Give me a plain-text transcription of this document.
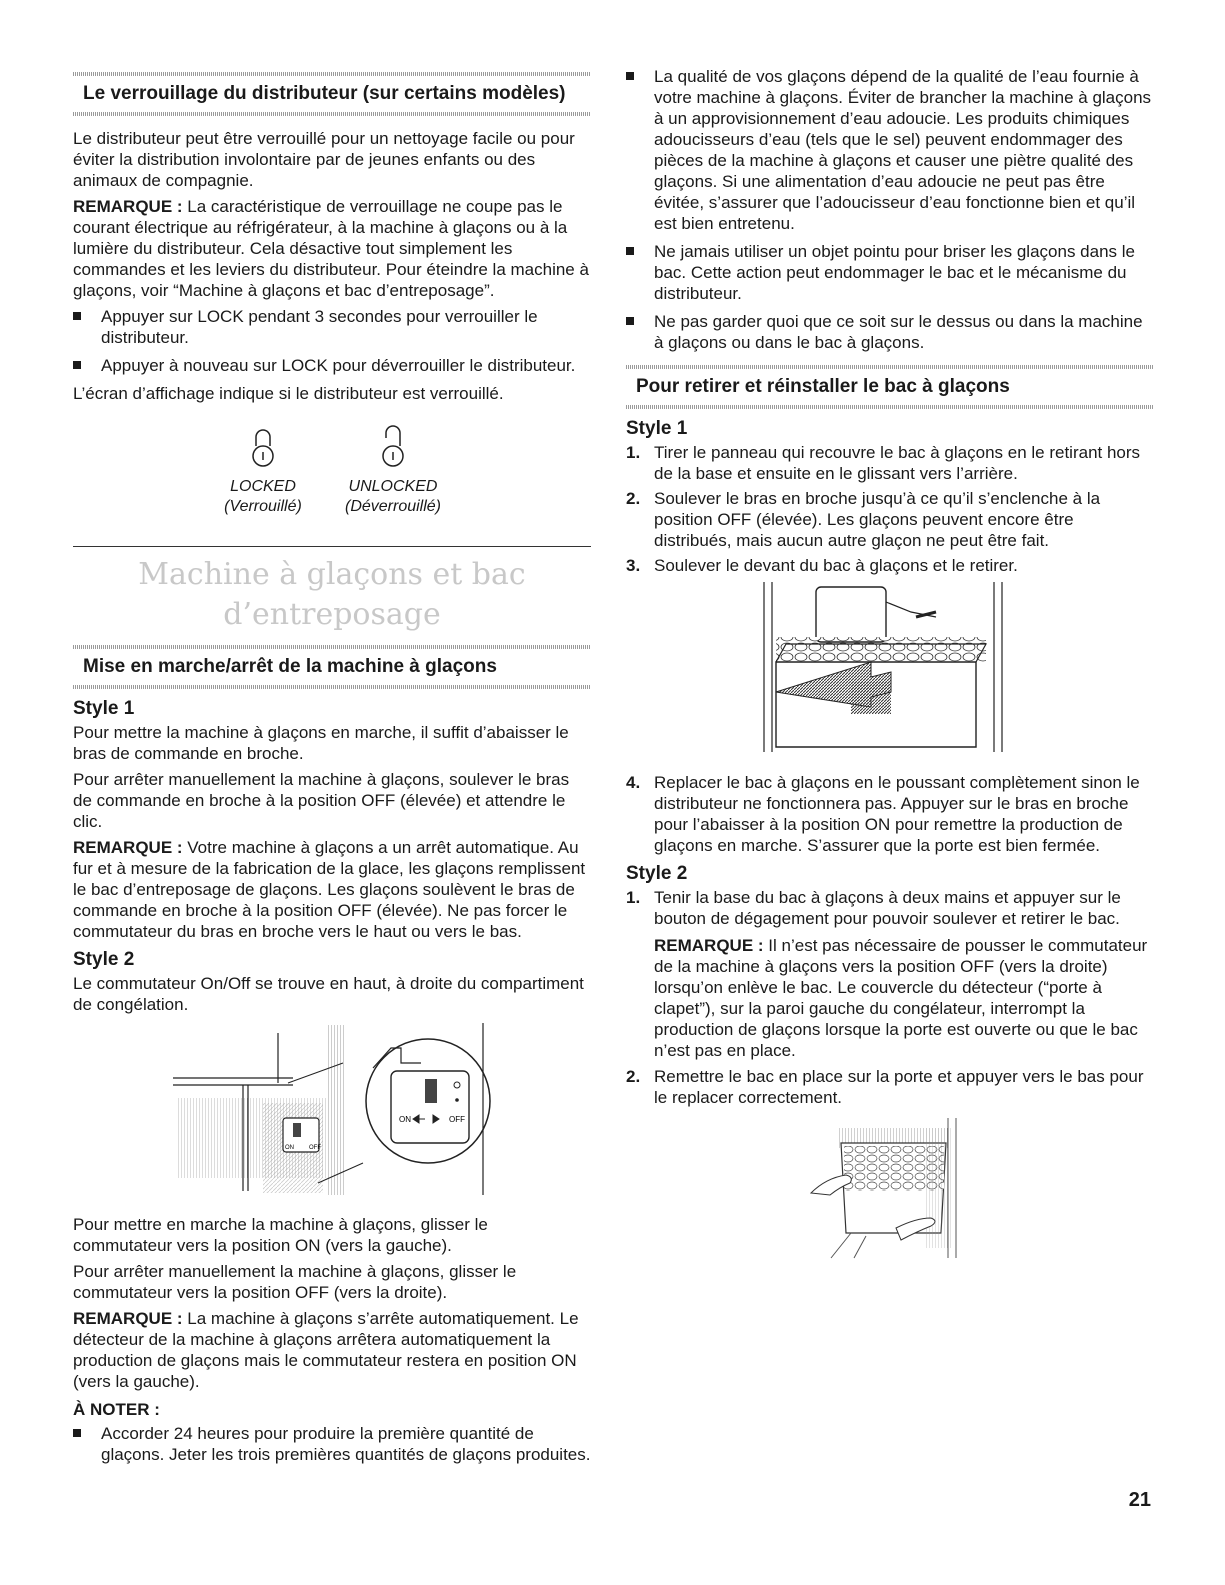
Le verrouillage du distributeur (sur certains modèles)

Le distributeur peut être verrouillé pour un nettoyage facile ou pour éviter la distribution involontaire par de jeunes enfants ou des animaux de compagnie.

REMARQUE : La caractéristique de verrouillage ne coupe pas le courant électrique au réfrigérateur, à la machine à glaçons ou à la lumière du distributeur. Cela désactive tout simplement les commandes et les leviers du distributeur. Pour éteindre la machine à glaçons, voir “Machine à glaçons et bac d’entreposage”.

Appuyer sur LOCK pendant 3 secondes pour verrouiller le distributeur.
Appuyer à nouveau sur LOCK pour déverrouiller le distributeur.

L’écran d’affichage indique si le distributeur est verrouillé.

LOCKED
(Verrouillé)
UNLOCKED
(Déverrouillé)
Machine à glaçons et bac d’entreposage
Mise en marche/arrêt de la machine à glaçons
Style 1

Pour mettre la machine à glaçons en marche, il suffit d’abaisser le bras de commande en broche.

Pour arrêter manuellement la machine à glaçons, soulever le bras de commande en broche à la position OFF (élevée) et attendre le clic.

REMARQUE : Votre machine à glaçons a un arrêt automatique. Au fur et à mesure de la fabrication de la glace, les glaçons remplissent le bac d’entreposage de glaçons. Les glaçons soulèvent le bras de commande en broche à la position OFF (élevée). Ne pas forcer le commutateur du bras en broche vers le haut ou vers le bas.

Style 2

Le commutateur On/Off se trouve en haut, à droite du compartiment de congélation.

ON	OFF
ON	OFF

Pour mettre en marche la machine à glaçons, glisser le commutateur vers la position ON (vers la gauche).

Pour arrêter manuellement la machine à glaçons, glisser le commutateur vers la position OFF (vers la droite).

REMARQUE : La machine à glaçons s’arrête automatiquement. Le détecteur de la machine à glaçons arrêtera automatiquement la production de glaçons mais le commutateur restera en position ON (vers la gauche).

À NOTER :
Accorder 24 heures pour produire la première quantité de glaçons. Jeter les trois premières quantités de glaçons produites.
La qualité de vos glaçons dépend de la qualité de l’eau fournie à votre machine à glaçons. Éviter de brancher la machine à glaçons à un approvisionnement d’eau adoucie. Les produits chimiques adoucisseurs d’eau (tels que le sel) peuvent endommager des pièces de la machine à glaçons et causer une piètre qualité des glaçons. Si une alimentation d’eau adoucie ne peut pas être évitée, s’assurer que l’adoucisseur d’eau fonctionne bien et qu’il est bien entretenu.
Ne jamais utiliser un objet pointu pour briser les glaçons dans le bac. Cette action peut endommager le bac et le mécanisme du distributeur.
Ne pas garder quoi que ce soit sur le dessus ou dans la machine à glaçons ou dans le bac à glaçons.
Pour retirer et réinstaller le bac à glaçons
Style 1
1. Tirer le panneau qui recouvre le bac à glaçons en le retirant hors de la base et ensuite en le glissant vers l’arrière.
2. Soulever le bras en broche jusqu’à ce qu’il s’enclenche à la position OFF (élevée). Les glaçons peuvent encore être distribués, mais aucun autre glaçon ne peut être fait.
3. Soulever le devant du bac à glaçons et le retirer.
4. Replacer le bac à glaçons en le poussant complètement sinon le distributeur ne fonctionnera pas. Appuyer sur le bras en broche pour l’abaisser à la position ON pour remettre la production de glaçons en marche. S’assurer que la porte est bien fermée.
Style 2
1. Tenir la base du bac à glaçons à deux mains et appuyer sur le bouton de dégagement pour pouvoir soulever et retirer le bac.

REMARQUE : Il n’est pas nécessaire de pousser le commutateur de la machine à glaçons vers la position OFF (vers la droite) lorsqu’on enlève le bac. Le couvercle du détecteur (“porte à clapet”), sur la paroi gauche du congélateur, interrompt la production de glaçons lorsque la porte est ouverte ou que le bac n’est pas en place.

2. Remettre le bac en place sur la porte et appuyer vers le bas pour le replacer correctement.
21
